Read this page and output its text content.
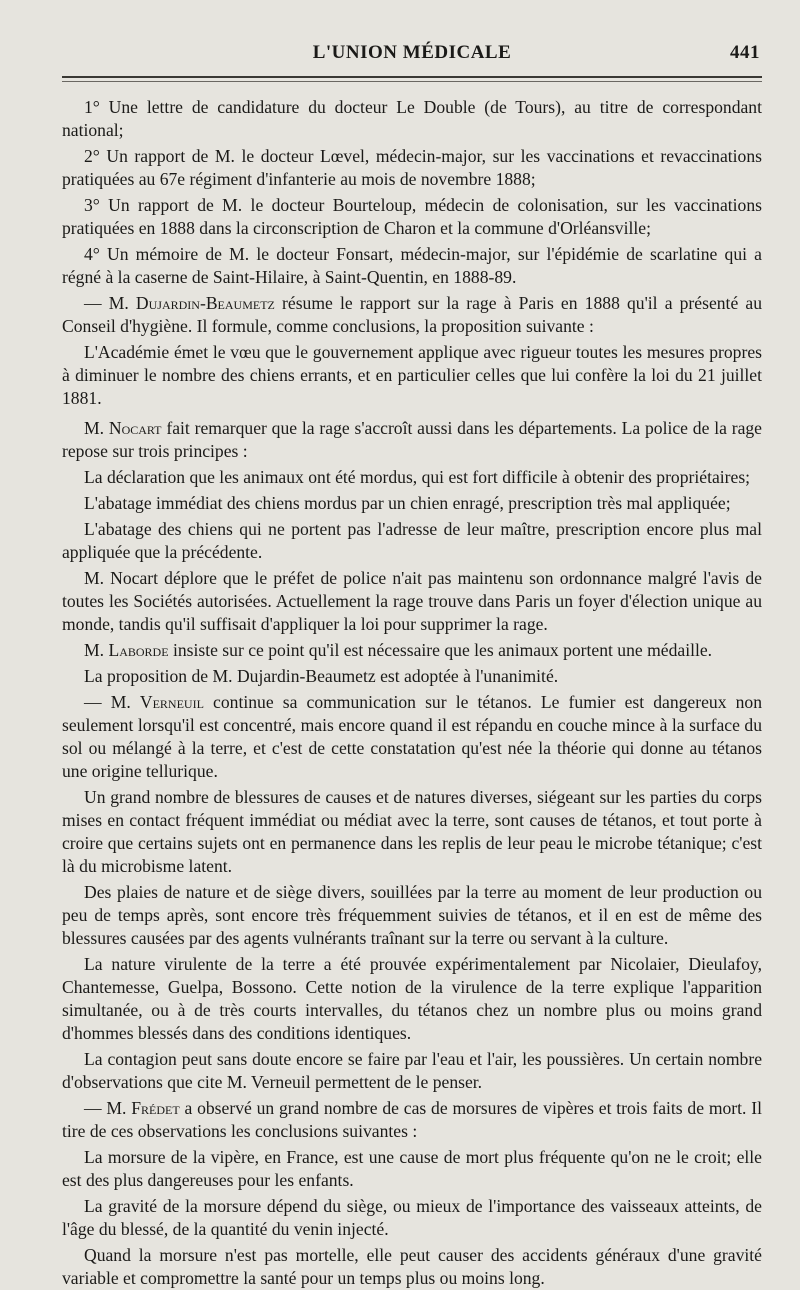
L'UNION MÉDICALE	441

1° Une lettre de candidature du docteur Le Double (de Tours), au titre de correspondant national;

2° Un rapport de M. le docteur Lœvel, médecin-major, sur les vaccinations et revaccinations pratiquées au 67e régiment d'infanterie au mois de novembre 1888;

3° Un rapport de M. le docteur Bourteloup, médecin de colonisation, sur les vaccinations pratiquées en 1888 dans la circonscription de Charon et la commune d'Orléansville;

4° Un mémoire de M. le docteur Fonsart, médecin-major, sur l'épidémie de scarlatine qui a régné à la caserne de Saint-Hilaire, à Saint-Quentin, en 1888-89.

— M. Dujardin-Beaumetz résume le rapport sur la rage à Paris en 1888 qu'il a présenté au Conseil d'hygiène. Il formule, comme conclusions, la proposition suivante :

L'Académie émet le vœu que le gouvernement applique avec rigueur toutes les mesures propres à diminuer le nombre des chiens errants, et en particulier celles que lui confère la loi du 21 juillet 1881.

M. Nocart fait remarquer que la rage s'accroît aussi dans les départements. La police de la rage repose sur trois principes :

La déclaration que les animaux ont été mordus, qui est fort difficile à obtenir des propriétaires;

L'abatage immédiat des chiens mordus par un chien enragé, prescription très mal appliquée;

L'abatage des chiens qui ne portent pas l'adresse de leur maître, prescription encore plus mal appliquée que la précédente.

M. Nocart déplore que le préfet de police n'ait pas maintenu son ordonnance malgré l'avis de toutes les Sociétés autorisées. Actuellement la rage trouve dans Paris un foyer d'élection unique au monde, tandis qu'il suffisait d'appliquer la loi pour supprimer la rage.

M. Laborde insiste sur ce point qu'il est nécessaire que les animaux portent une médaille.

La proposition de M. Dujardin-Beaumetz est adoptée à l'unanimité.

— M. Verneuil continue sa communication sur le tétanos. Le fumier est dangereux non seulement lorsqu'il est concentré, mais encore quand il est répandu en couche mince à la surface du sol ou mélangé à la terre, et c'est de cette constatation qu'est née la théorie qui donne au tétanos une origine tellurique.

Un grand nombre de blessures de causes et de natures diverses, siégeant sur les parties du corps mises en contact fréquent immédiat ou médiat avec la terre, sont causes de tétanos, et tout porte à croire que certains sujets ont en permanence dans les replis de leur peau le microbe tétanique; c'est là du microbisme latent.

Des plaies de nature et de siège divers, souillées par la terre au moment de leur production ou peu de temps après, sont encore très fréquemment suivies de tétanos, et il en est de même des blessures causées par des agents vulnérants traînant sur la terre ou servant à la culture.

La nature virulente de la terre a été prouvée expérimentalement par Nicolaier, Dieulafoy, Chantemesse, Guelpa, Bossono. Cette notion de la virulence de la terre explique l'apparition simultanée, ou à de très courts intervalles, du tétanos chez un nombre plus ou moins grand d'hommes blessés dans des conditions identiques.

La contagion peut sans doute encore se faire par l'eau et l'air, les poussières. Un certain nombre d'observations que cite M. Verneuil permettent de le penser.

— M. Frédet a observé un grand nombre de cas de morsures de vipères et trois faits de mort. Il tire de ces observations les conclusions suivantes :

La morsure de la vipère, en France, est une cause de mort plus fréquente qu'on ne le croit; elle est des plus dangereuses pour les enfants.

La gravité de la morsure dépend du siège, ou mieux de l'importance des vaisseaux atteints, de l'âge du blessé, de la quantité du venin injecté.

Quand la morsure n'est pas mortelle, elle peut causer des accidents généraux d'une gravité variable et compromettre la santé pour un temps plus ou moins long.
